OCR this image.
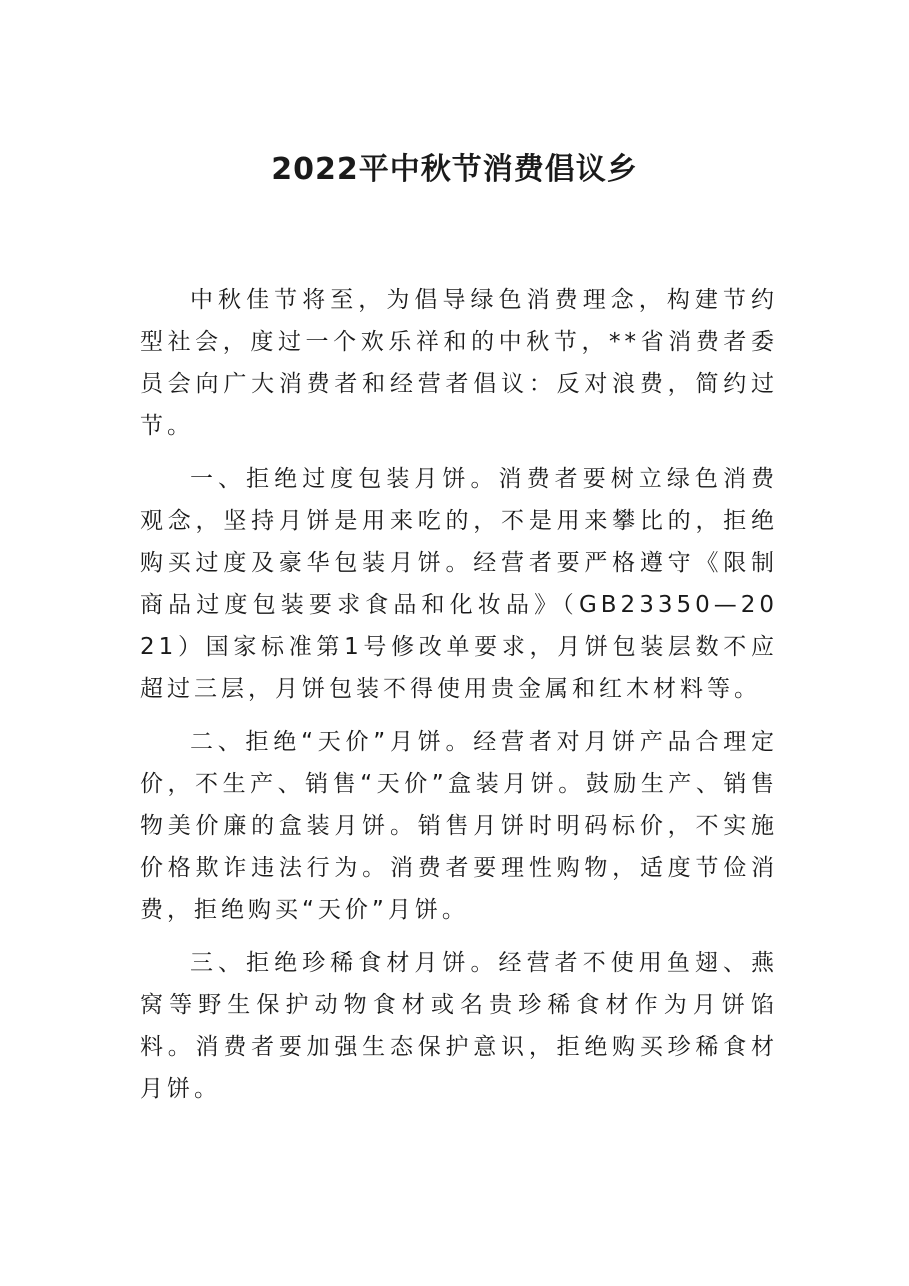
2022平中秋节消费倡议乡

中秋佳节将至，为倡导绿色消费理念，构建节约型社会，度过一个欢乐祥和的中秋节，**省消费者委员会向广大消费者和经营者倡议：反对浪费，简约过节。

一、拒绝过度包装月饼。消费者要树立绿色消费观念，坚持月饼是用来吃的，不是用来攀比的，拒绝购买过度及豪华包装月饼。经营者要严格遵守《限制商品过度包装要求食品和化妆品》（GB23350—2021）国家标准第1号修改单要求，月饼包装层数不应超过三层，月饼包装不得使用贵金属和红木材料等。

二、拒绝“天价”月饼。经营者对月饼产品合理定价，不生产、销售“天价”盒装月饼。鼓励生产、销售物美价廉的盒装月饼。销售月饼时明码标价，不实施价格欺诈违法行为。消费者要理性购物，适度节俭消费，拒绝购买“天价”月饼。

三、拒绝珍稀食材月饼。经营者不使用鱼翅、燕窝等野生保护动物食材或名贵珍稀食材作为月饼馅料。消费者要加强生态保护意识，拒绝购买珍稀食材月饼。
